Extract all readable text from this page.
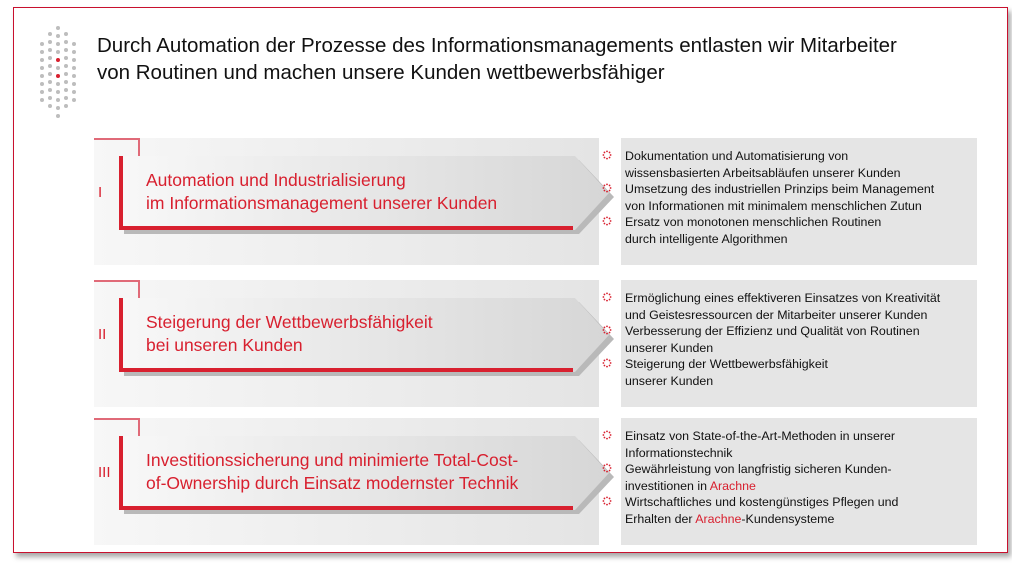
Durch Automation der Prozesse des Informationsmanagements entlasten wir Mitarbeiter
von Routinen und machen unsere Kunden wettbewerbsfähiger
I
Automation und Industrialisierung
im Informationsmanagement unserer Kunden
Dokumentation und Automatisierung von
wissensbasierten Arbeitsabläufen unserer Kunden
Umsetzung des industriellen Prinzips beim Management
von Informationen mit minimalem menschlichen Zutun
Ersatz von monotonen menschlichen Routinen
durch intelligente Algorithmen
II
Steigerung der Wettbewerbsfähigkeit
bei unseren Kunden
Ermöglichung eines effektiveren Einsatzes von Kreativität
und Geistesressourcen der Mitarbeiter unserer Kunden
Verbesserung der Effizienz und Qualität von Routinen
unserer Kunden
Steigerung der Wettbewerbsfähigkeit
unserer Kunden
III
Investitionssicherung und minimierte Total-Cost-
of-Ownership durch Einsatz modernster Technik
Einsatz von State-of-the-Art-Methoden in unserer
Informationstechnik
Gewährleistung von langfristig sicheren Kunden-
investitionen in Arachne
Wirtschaftliches und kostengünstiges Pflegen und
Erhalten der Arachne-Kundensysteme
